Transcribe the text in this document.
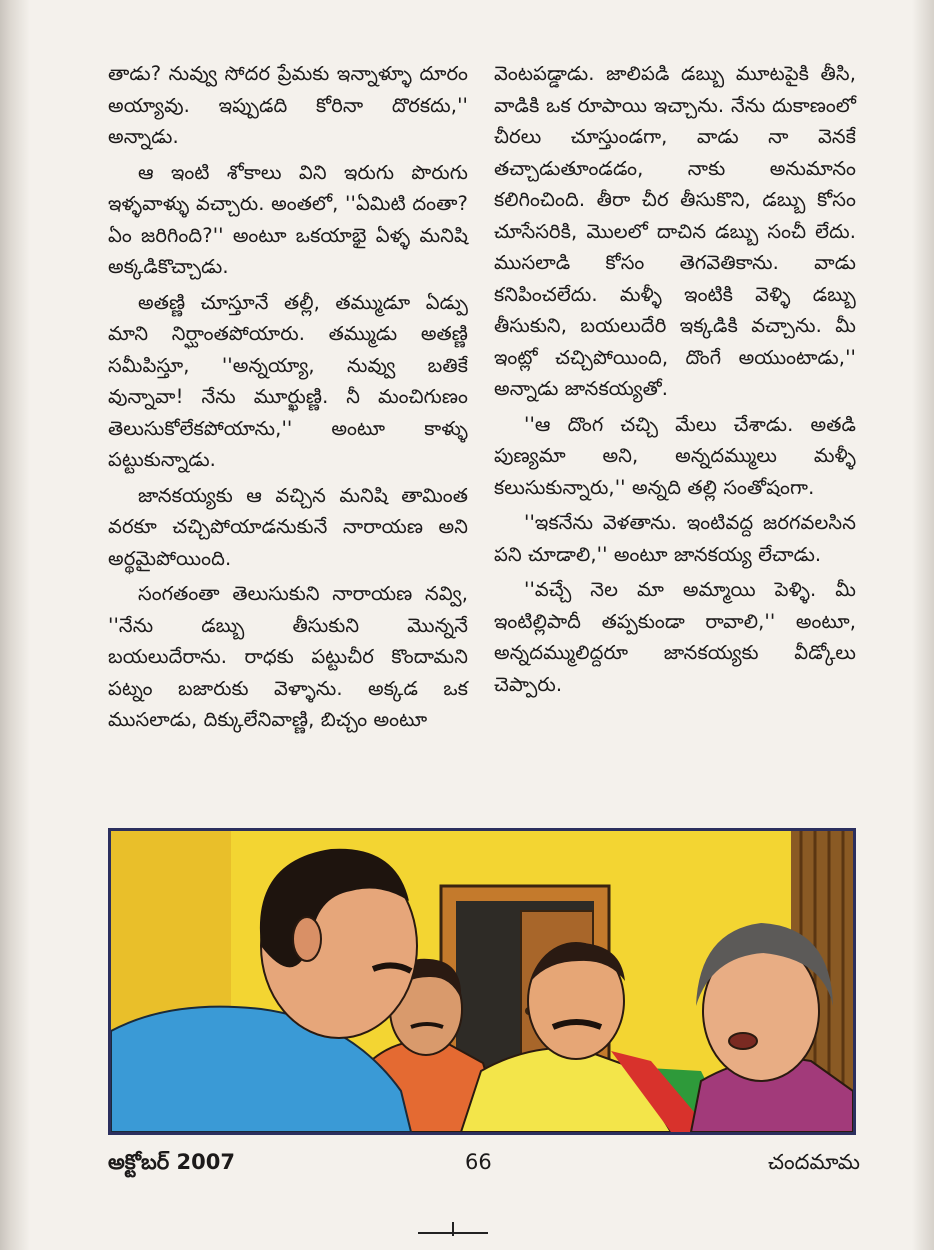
తాడు? నువ్వు సోదర ప్రేమకు ఇన్నాళ్ళూ దూరం అయ్యావు. ఇప్పుడది కోరినా దొరకదు,'' అన్నాడు.

ఆ ఇంటి శోకాలు విని ఇరుగు పొరుగు ఇళ్ళవాళ్ళు వచ్చారు. అంతలో, ''ఏమిటి దంతా? ఏం జరిగింది?'' అంటూ ఒకయాభై ఏళ్ళ మనిషి అక్కడికొచ్చాడు.

అతణ్ణి చూస్తూనే తల్లీ, తమ్ముడూ ఏడ్పు మాని నిర్ఘాంతపోయారు. తమ్ముడు అతణ్ణి సమీపిస్తూ, ''అన్నయ్యా, నువ్వు బతికే వున్నావా! నేను మూర్ఖుణ్ణి. నీ మంచిగుణం తెలుసుకోలేకపోయాను,'' అంటూ కాళ్ళు పట్టుకున్నాడు.

జానకయ్యకు ఆ వచ్చిన మనిషి తామింత వరకూ చచ్చిపోయాడనుకునే నారాయణ అని అర్థమైపోయింది.

సంగతంతా తెలుసుకుని నారాయణ నవ్వి, ''నేను డబ్బు తీసుకుని మొన్ననే బయలుదేరాను. రాధకు పట్టుచీర కొందామని పట్నం బజారుకు వెళ్ళాను. అక్కడ ఒక ముసలాడు, దిక్కులేనివాణ్ణి, బిచ్చం అంటూ

వెంటపడ్డాడు. జాలిపడి డబ్బు మూటపైకి తీసి, వాడికి ఒక రూపాయి ఇచ్చాను. నేను దుకాణంలో చీరలు చూస్తుండగా, వాడు నా వెనకే తచ్చాడుతూండడం, నాకు అనుమానం కలిగించింది. తీరా చీర తీసుకొని, డబ్బు కోసం చూసేసరికి, మొలలో దాచిన డబ్బు సంచీ లేదు. ముసలాడి కోసం తెగవెతికాను. వాడు కనిపించలేదు. మళ్ళీ ఇంటికి వెళ్ళి డబ్బు తీసుకుని, బయలుదేరి ఇక్కడికి వచ్చాను. మీ ఇంట్లో చచ్చిపోయింది, దొంగే అయుంటాడు,'' అన్నాడు జానకయ్యతో.

''ఆ దొంగ చచ్చి మేలు చేశాడు. అతడి పుణ్యమా అని, అన్నదమ్ములు మళ్ళీ కలుసుకున్నారు,'' అన్నది తల్లి సంతోషంగా.

''ఇకనేను వెళతాను. ఇంటివద్ద జరగవలసిన పని చూడాలి,'' అంటూ జానకయ్య లేచాడు.

''వచ్చే నెల మా అమ్మాయి పెళ్ళి. మీ ఇంటిల్లిపాదీ తప్పకుండా రావాలి,'' అంటూ, అన్నదమ్ములిద్దరూ జానకయ్యకు వీడ్కోలు చెప్పారు.

అక్టోబర్ 2007	66	చందమామ
